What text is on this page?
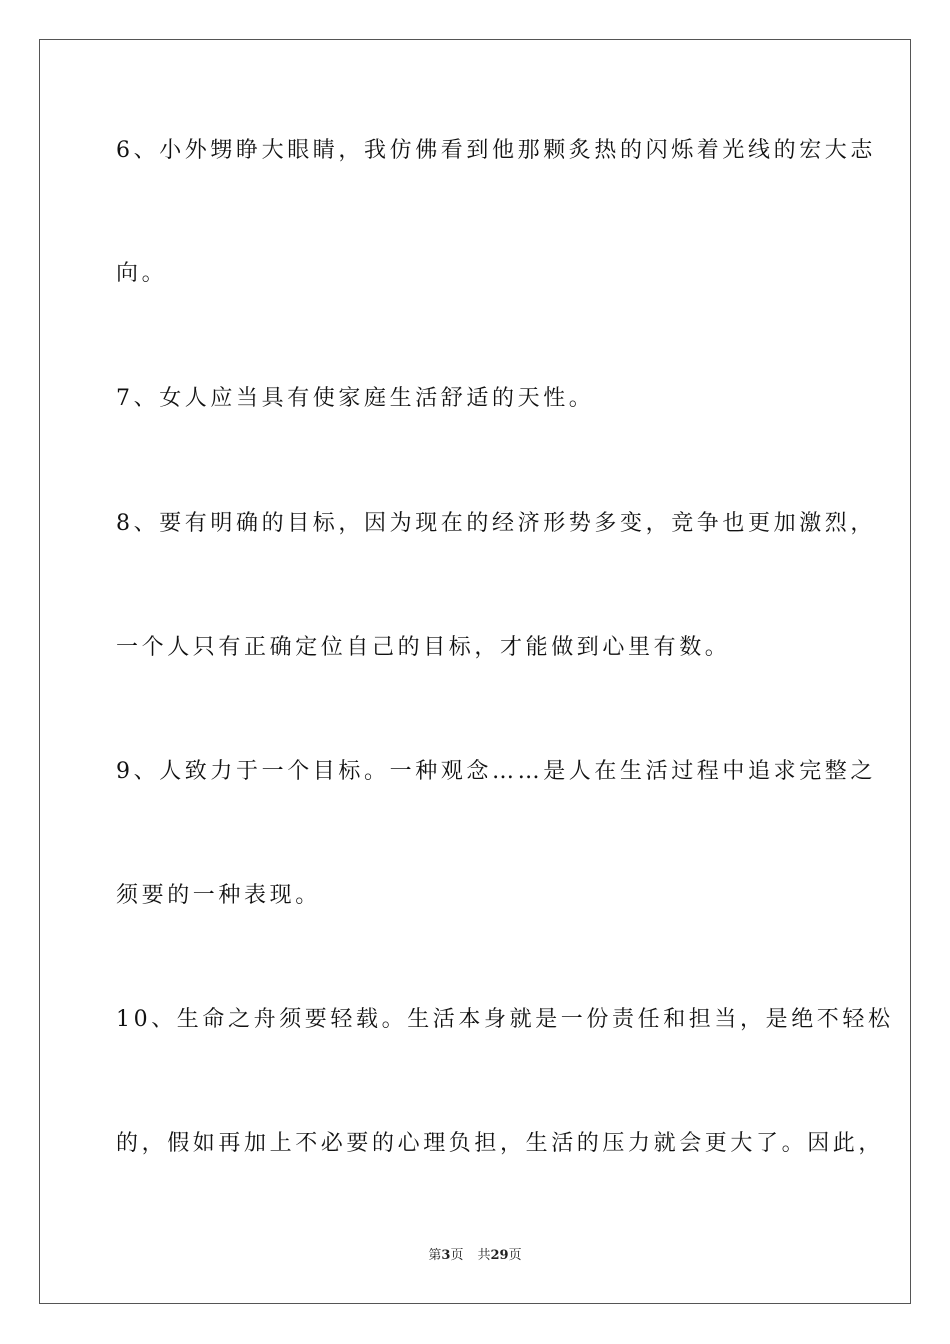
6、小外甥睁大眼睛，我仿佛看到他那颗炙热的闪烁着光线的宏大志
向。
7、女人应当具有使家庭生活舒适的天性。
8、要有明确的目标，因为现在的经济形势多变，竞争也更加激烈，
一个人只有正确定位自己的目标，才能做到心里有数。
9、人致力于一个目标。一种观念……是人在生活过程中追求完整之
须要的一种表现。
10、生命之舟须要轻载。生活本身就是一份责任和担当，是绝不轻松
的，假如再加上不必要的心理负担，生活的压力就会更大了。因此，
第3页 共29页
